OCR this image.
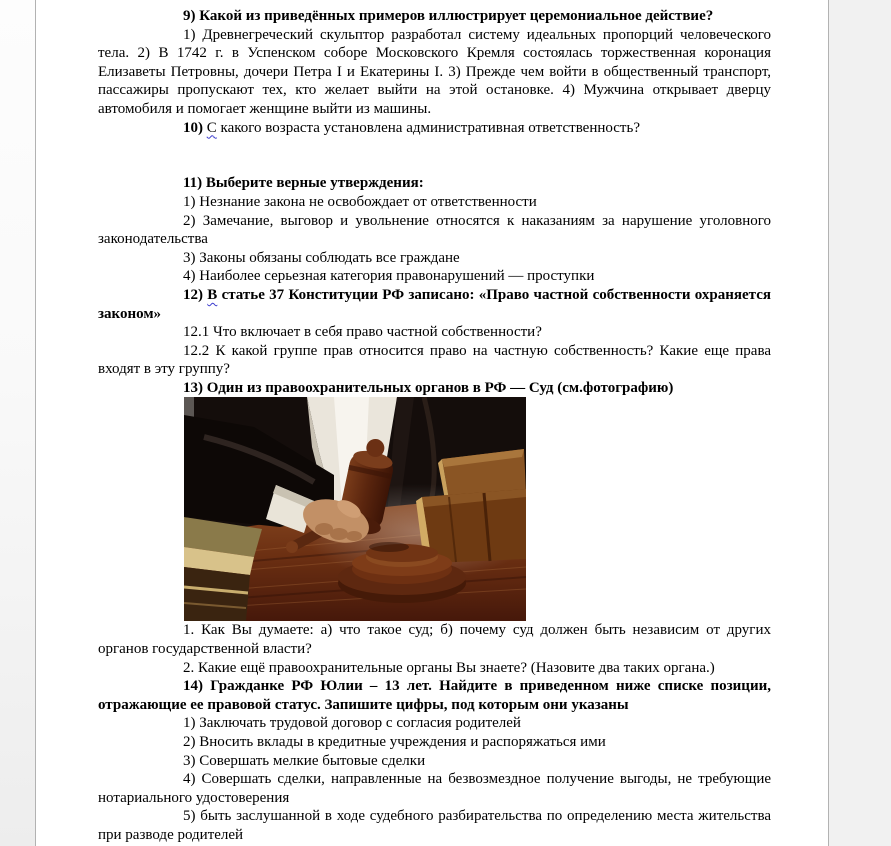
9) Какой из приведённых примеров иллюстрирует церемониальное действие?

1) Древнегреческий скульптор разработал систему идеальных пропорций человеческого тела. 2) В 1742 г. в Успенском соборе Московского Кремля состоялась торжественная коронация Елизаветы Петровны, дочери Петра I и Екатерины I. 3) Прежде чем войти в общественный транспорт, пассажиры пропускают тех, кто желает выйти на этой остановке. 4) Мужчина открывает дверцу автомобиля и помогает женщине выйти из машины.

10) С какого возраста установлена административная ответственность?

11) Выберите верные утверждения:

1) Незнание закона не освобождает от ответственности

2) Замечание, выговор и увольнение относятся к наказаниям за нарушение уголовного законодательства

3) Законы обязаны соблюдать все граждане

4) Наиболее серьезная категория правонарушений — проступки

12) В статье 37 Конституции РФ записано: «Право частной собственности охраняется законом»

12.1 Что включает в себя право частной собственности?

12.2 К какой группе прав относится право на частную собственность? Какие еще права входят в эту группу?

13) Один из правоохранительных органов в РФ — Суд (см.фотографию)

1. Как Вы думаете: а) что такое суд; б) почему суд должен быть независим от других органов государственной власти?

2. Какие ещё правоохранительные органы Вы знаете? (Назовите два таких органа.)

14) Гражданке РФ Юлии – 13 лет. Найдите в приведенном ниже списке позиции, отражающие ее правовой статус. Запишите цифры, под которым они указаны

1) Заключать трудовой договор с согласия родителей

2) Вносить вклады в кредитные учреждения и распоряжаться ими

3) Совершать мелкие бытовые сделки

4) Совершать сделки, направленные на безвозмездное получение выгоды, не требующие нотариального удостоверения

5) быть заслушанной в ходе судебного разбирательства по определению места жительства при разводе родителей
